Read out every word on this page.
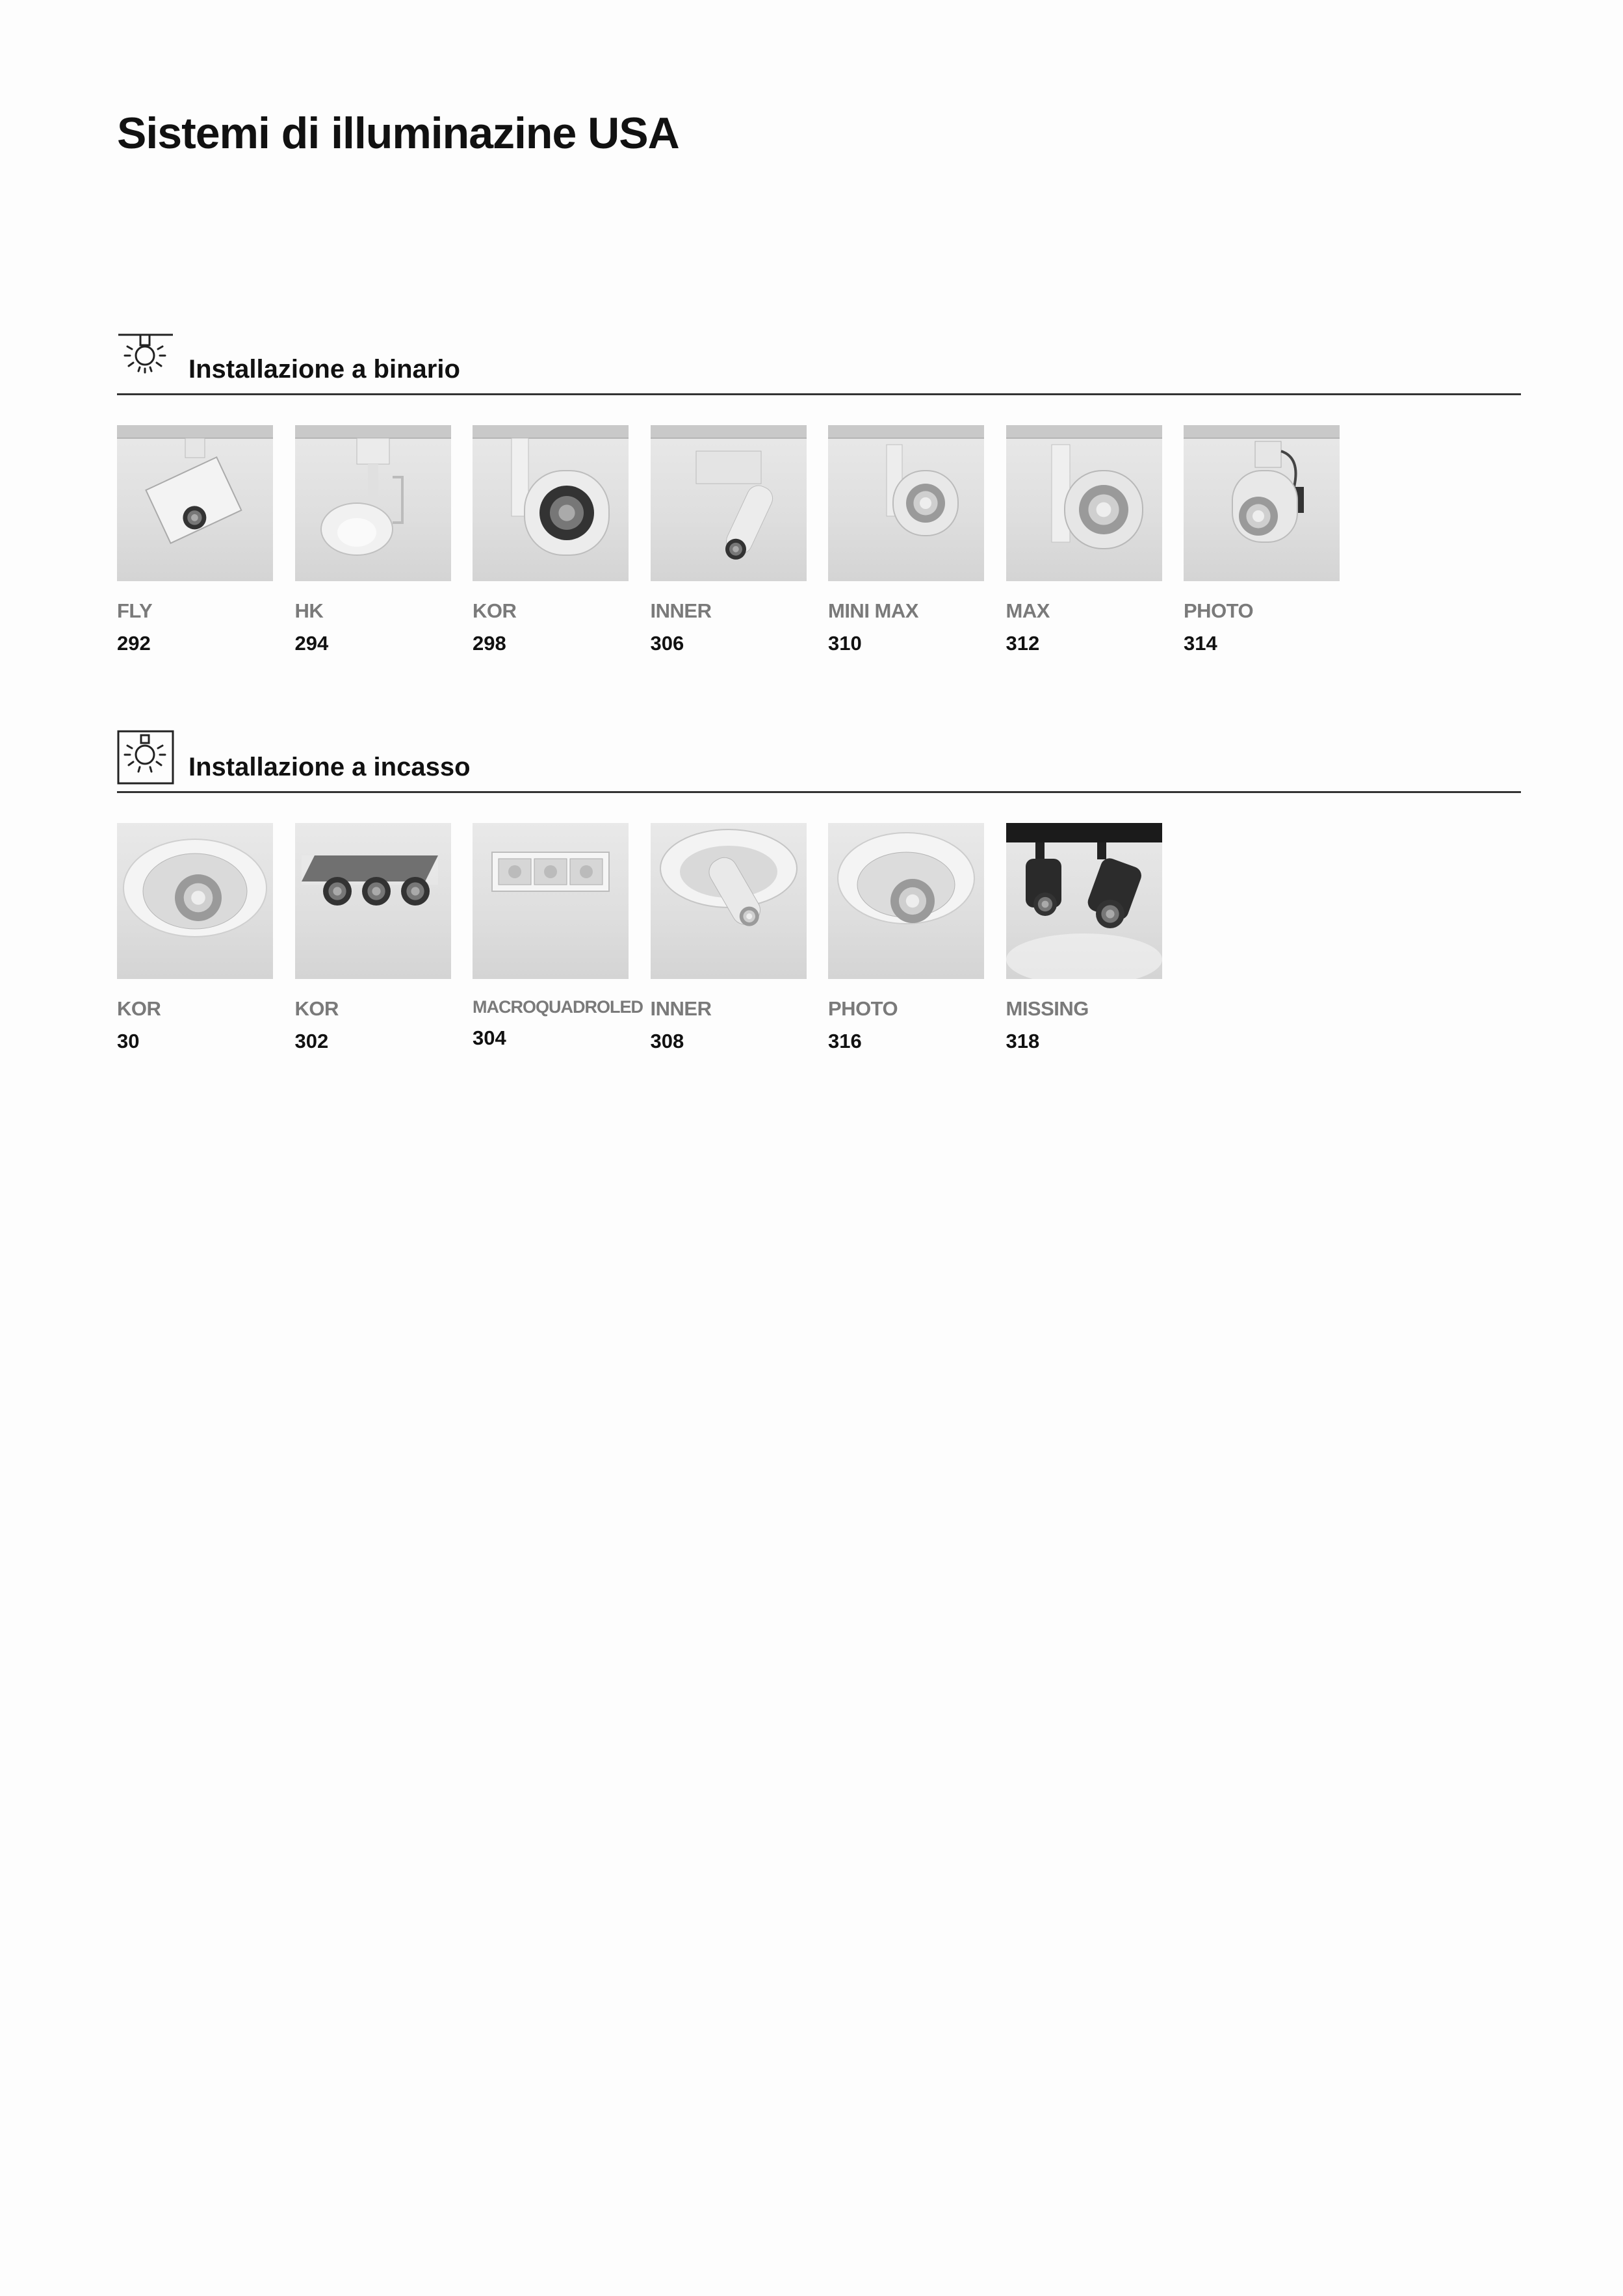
Sistemi di illuminazine USA
Installazione a binario
FLY
292
HK
294
KOR
298
INNER
306
MINI MAX
310
MAX
312
PHOTO
314
Installazione a incasso
KOR
30
KOR
302
MACROQUADROLED
304
INNER
308
PHOTO
316
MISSING
318
